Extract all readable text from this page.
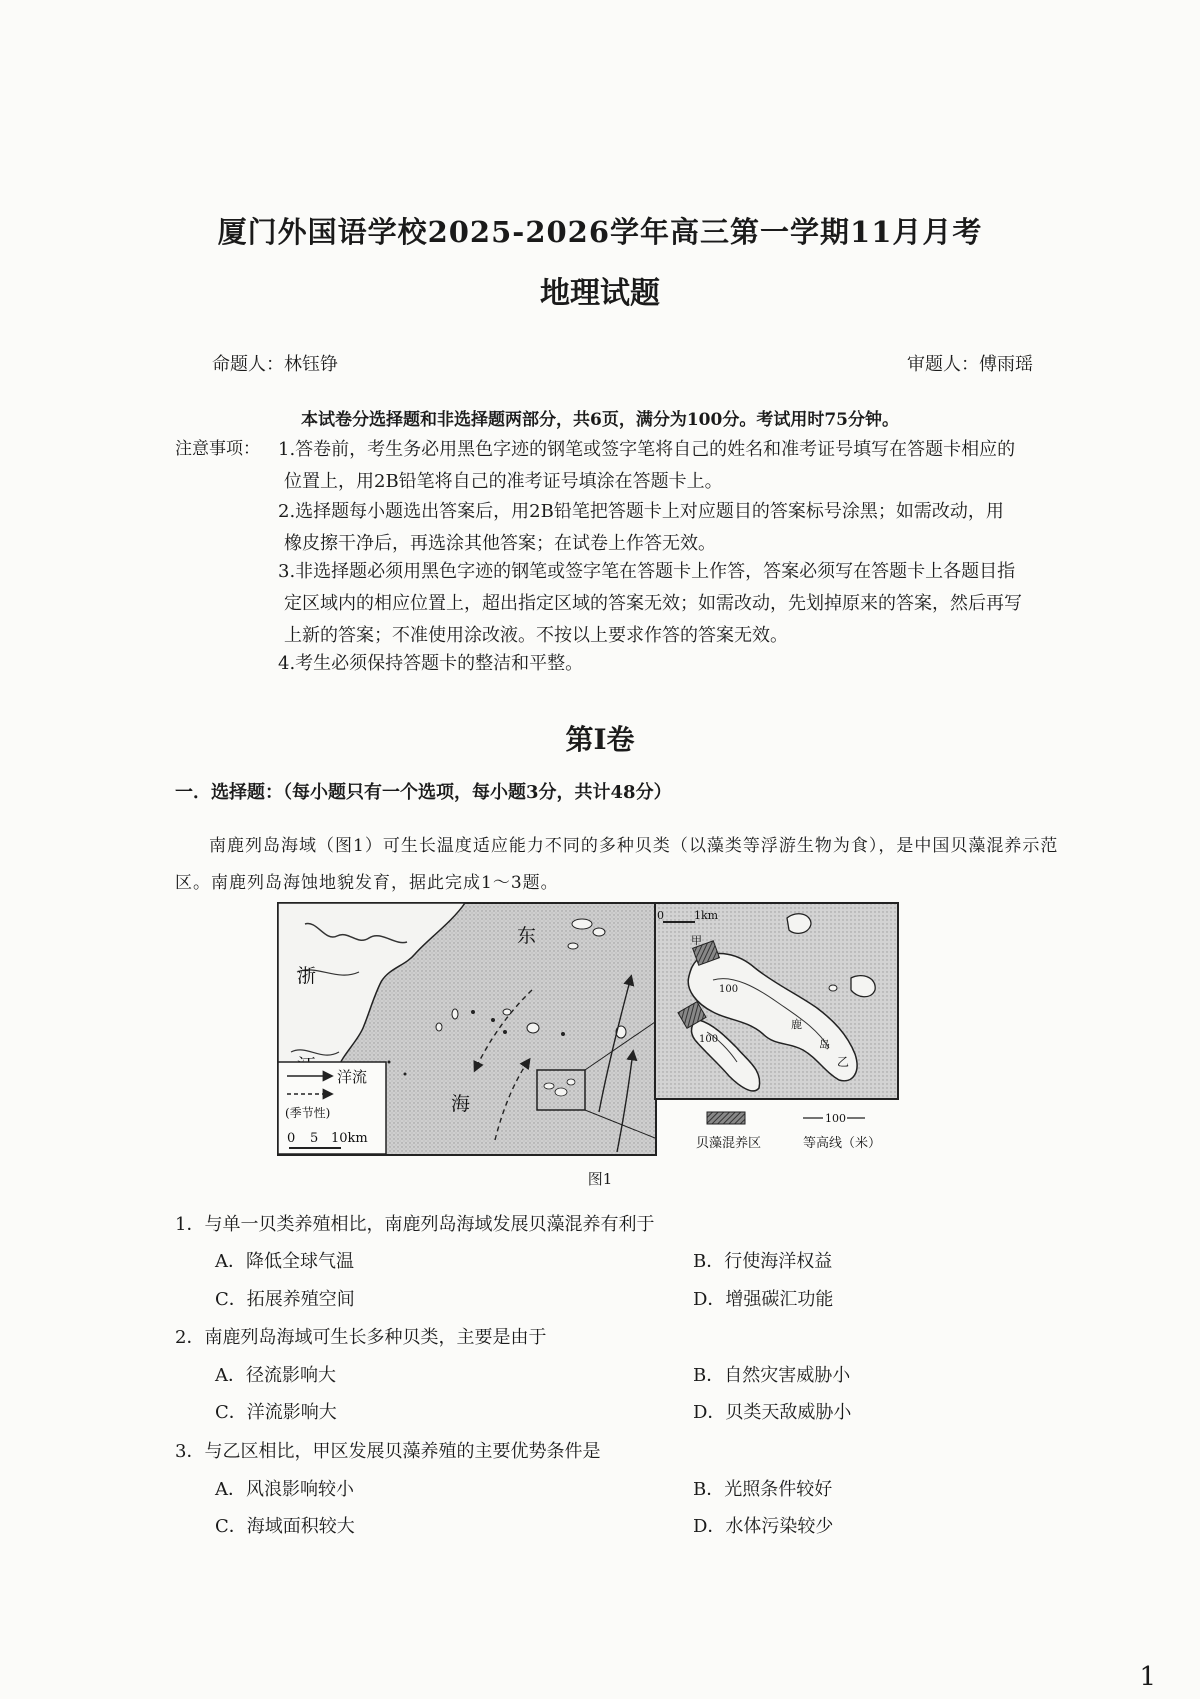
厦门外国语学校2025-2026学年高三第一学期11月月考
地理试题
命题人：林钰铮	审题人：傅雨瑶
本试卷分选择题和非选择题两部分，共6页，满分为100分。考试用时75分钟。
注意事项： 1.答卷前，考生务必用黑色字迹的钢笔或签字笔将自己的姓名和准考证号填写在答题卡相应的
位置上，用2B铅笔将自己的准考证号填涂在答题卡上。
2.选择题每小题选出答案后，用2B铅笔把答题卡上对应题目的答案标号涂黑；如需改动，用
橡皮擦干净后，再选涂其他答案；在试卷上作答无效。
3.非选择题必须用黑色字迹的钢笔或签字笔在答题卡上作答，答案必须写在答题卡上各题目指
定区域内的相应位置上，超出指定区域的答案无效；如需改动，先划掉原来的答案，然后再写
上新的答案；不准使用涂改液。不按以上要求作答的答案无效。
4.考生必须保持答题卡的整洁和平整。
第I卷
一．选择题：（每小题只有一个选项，每小题3分，共计48分）
南鹿列岛海域（图1）可生长温度适应能力不同的多种贝类（以藻类等浮游生物为食），是中国贝藻混养示范区。南鹿列岛海蚀地貌发育，据此完成1～3题。
浙
东
海
洋流
(季节性)
0 5 10km
0	1km
甲
乙
100
100
鹿
岛
贝藻混养区
100
等高线（米）
图1
1．与单一贝类养殖相比，南鹿列岛海域发展贝藻混养有利于
A．降低全球气温	B．行使海洋权益
C．拓展养殖空间	D．增强碳汇功能
2．南鹿列岛海域可生长多种贝类，主要是由于
A．径流影响大	B．自然灾害威胁小
C．洋流影响大	D．贝类天敌威胁小
3．与乙区相比，甲区发展贝藻养殖的主要优势条件是
A．风浪影响较小	B．光照条件较好
C．海域面积较大	D．水体污染较少
1
